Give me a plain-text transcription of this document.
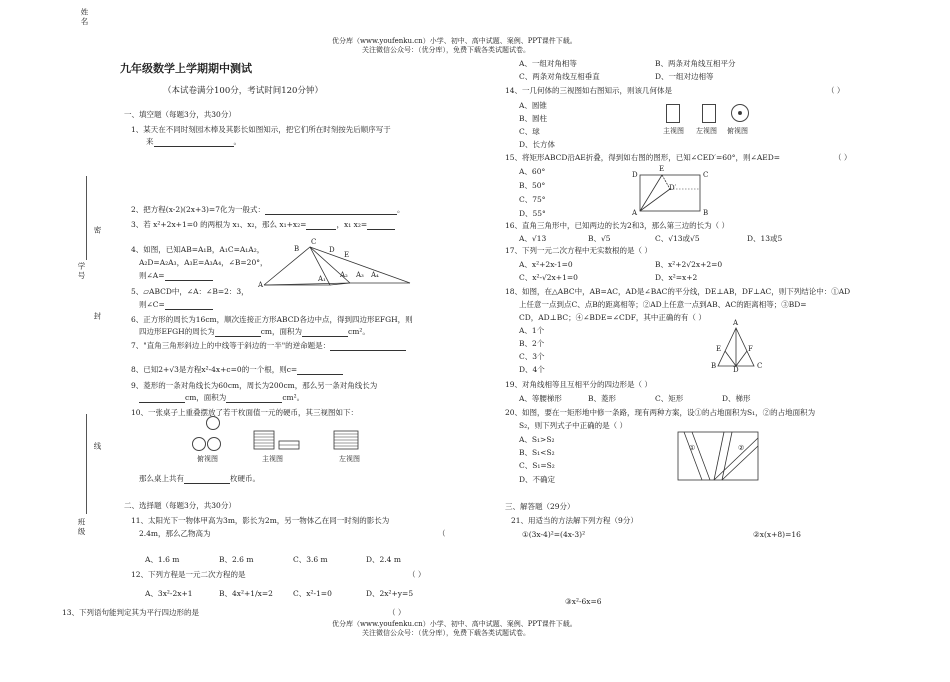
优分库（www.youfenku.cn）小学、初中、高中试题、案例、PPT课件下载。
关注微信公众号：（优分库），免费下载各类试题试卷。
姓名
密
学号
封
线
班级
九年级数学上学期期中测试
（本试卷满分100分，考试时间120分钟）
一、填空题（每题3分，共30分）
1、某天在不同时刻园木棒及其影长如图知示，把它们所在时刻按先后顺序写于
来	。
2、把方程(x-2)(2x+3)=7化为一般式：	。
3、若 x²+2x+1=0 的两根为 x₁、x₂，那么 x₁+x₂=	，x₁ x₂=
4、如图，已知AB=A₁B，A₁C=A₁A₂，
A₂D=A₂A₃，A₃E=A₃A₄，∠B=20°，
则∠A=
B
C
D
E
A
A₁ A₂ A₃ A₄
5、▱ABCD中，∠A：∠B=2：3，
则∠C=
6、正方形的周长为16cm，顺次连接正方形ABCD各边中点，得到四边形EFGH，则
四边形EFGH的周长为	cm，面积为	cm²。
7、"直角三角形斜边上的中线等于斜边的一半"的逆命题是：
8、已知2+√3是方程x²-4x+c=0的一个根，则c=
9、菱形的一条对角线长为60cm，周长为200cm，那么另一条对角线长为
cm，面积为	cm²。
10、一张桌子上重叠摆放了若干枚面值一元的硬币，其三视图如下：
俯视图	主视图	左视图
那么桌上共有	枚硬币。
二、选择题（每题3分，共30分）
11、太阳光下一物体甲高为3m，影长为2m，另一物体乙在同一时刻的影长为
2.4m，那么乙物高为	（
A、1.6 m	B、2.6 m	C、3.6 m	D、2.4 m
12、下列方程是一元二次方程的是	（ ）
A、3x²-2x+1	B、4x²+1/x=2	C、x²-1=0	D、2x²+y=5
13、下列语句能判定其为平行四边形的是	（ ）
A、一组对角相等	B、两条对角线互相平分
C、两条对角线互相垂直	D、一组对边相等
14、一几何体的三视图如右图知示，则该几何体是	（ ）
A、圆锥
B、圆柱
C、球
D、长方体
主视图 左视图 俯视图
15、将矩形ABCD沿AE折叠，得到如右图的图形，已知∠CED′=60°，则∠AED=	（ ）
A、60°
B、50°
C、75°
D、55°
D
E
C
D′
A	B
16、直角三角形中，已知两边的长为2和3，那么第三边的长为（ ）
A、√13	B、√5	C、√13或√5	D、13或5
17、下列一元二次方程中无实数根的是（ ）
A、x²+2x-1=0	B、x²+2√2x+2=0
C、x²-√2x+1=0	D、x²=x+2
18、如图，在△ABC中，AB=AC，AD是∠BAC的平分线，DE⊥AB，DF⊥AC，则下列结论中：①AD
上任意一点到点C、点B的距离相等；②AD上任意一点到AB、AC的距离相等；③BD=
CD，AD⊥BC；④∠BDE=∠CDF，其中正确的有（ ）
A、1个
B、2个
C、3个
D、4个
A
E	F
B D	C
19、对角线相等且互相平分的四边形是（ ）
A、等腰梯形	B、菱形	C、矩形	D、梯形
20、如图，要在一矩形地中修一条路，现有两种方案，设①的占地面积为S₁，②的占地面积为
S₂，则下列式子中正确的是（ ）
A、S₁>S₂
B、S₁<S₂
C、S₁=S₂
D、不确定
①	②
三、解答题（29分）
21、用适当的方法解下列方程（9分）
①(3x-4)²=(4x-3)²	②x(x+8)=16
③x²-6x=6
优分库（www.youfenku.cn）小学、初中、高中试题、案例、PPT课件下载。
关注微信公众号：（优分库），免费下载各类试题试卷。
